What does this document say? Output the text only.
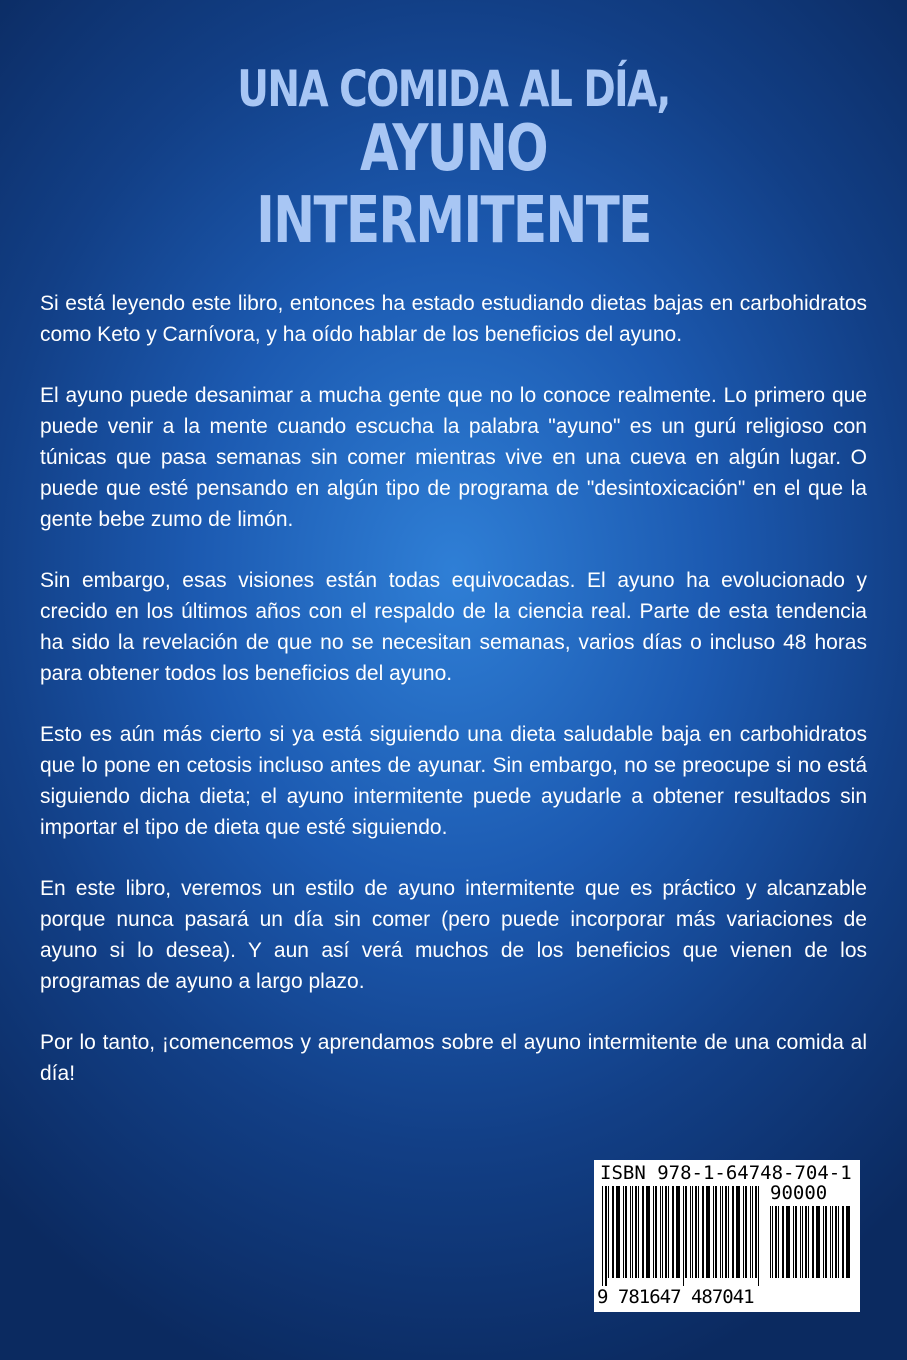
UNA COMIDA AL DÍA,
AYUNO
INTERMITENTE

Si está leyendo este libro, entonces ha estado estudiando dietas bajas en carbohidratos como Keto y Carnívora, y ha oído hablar de los beneficios del ayuno.

El ayuno puede desanimar a mucha gente que no lo conoce realmente. Lo primero que puede venir a la mente cuando escucha la palabra "ayuno" es un gurú religioso con túnicas que pasa semanas sin comer mientras vive en una cueva en algún lugar. O puede que esté pensando en algún tipo de programa de "desintoxicación" en el que la gente bebe zumo de limón.

Sin embargo, esas visiones están todas equivocadas. El ayuno ha evolucionado y crecido en los últimos años con el respaldo de la ciencia real. Parte de esta tendencia ha sido la revelación de que no se necesitan semanas, varios días o incluso 48 horas para obtener todos los beneficios del ayuno.

Esto es aún más cierto si ya está siguiendo una dieta saludable baja en carbohidratos que lo pone en cetosis incluso antes de ayunar. Sin embargo, no se preocupe si no está siguiendo dicha dieta; el ayuno intermitente puede ayudarle a obtener resultados sin importar el tipo de dieta que esté siguiendo.

En este libro, veremos un estilo de ayuno intermitente que es práctico y alcanzable porque nunca pasará un día sin comer (pero puede incorporar más variaciones de ayuno si lo desea). Y aun así verá muchos de los beneficios que vienen de los programas de ayuno a largo plazo.

Por lo tanto, ¡comencemos y aprendamos sobre el ayuno intermitente de una comida al día!

ISBN 978-1-64748-704-1
90000
9 781647 487041
